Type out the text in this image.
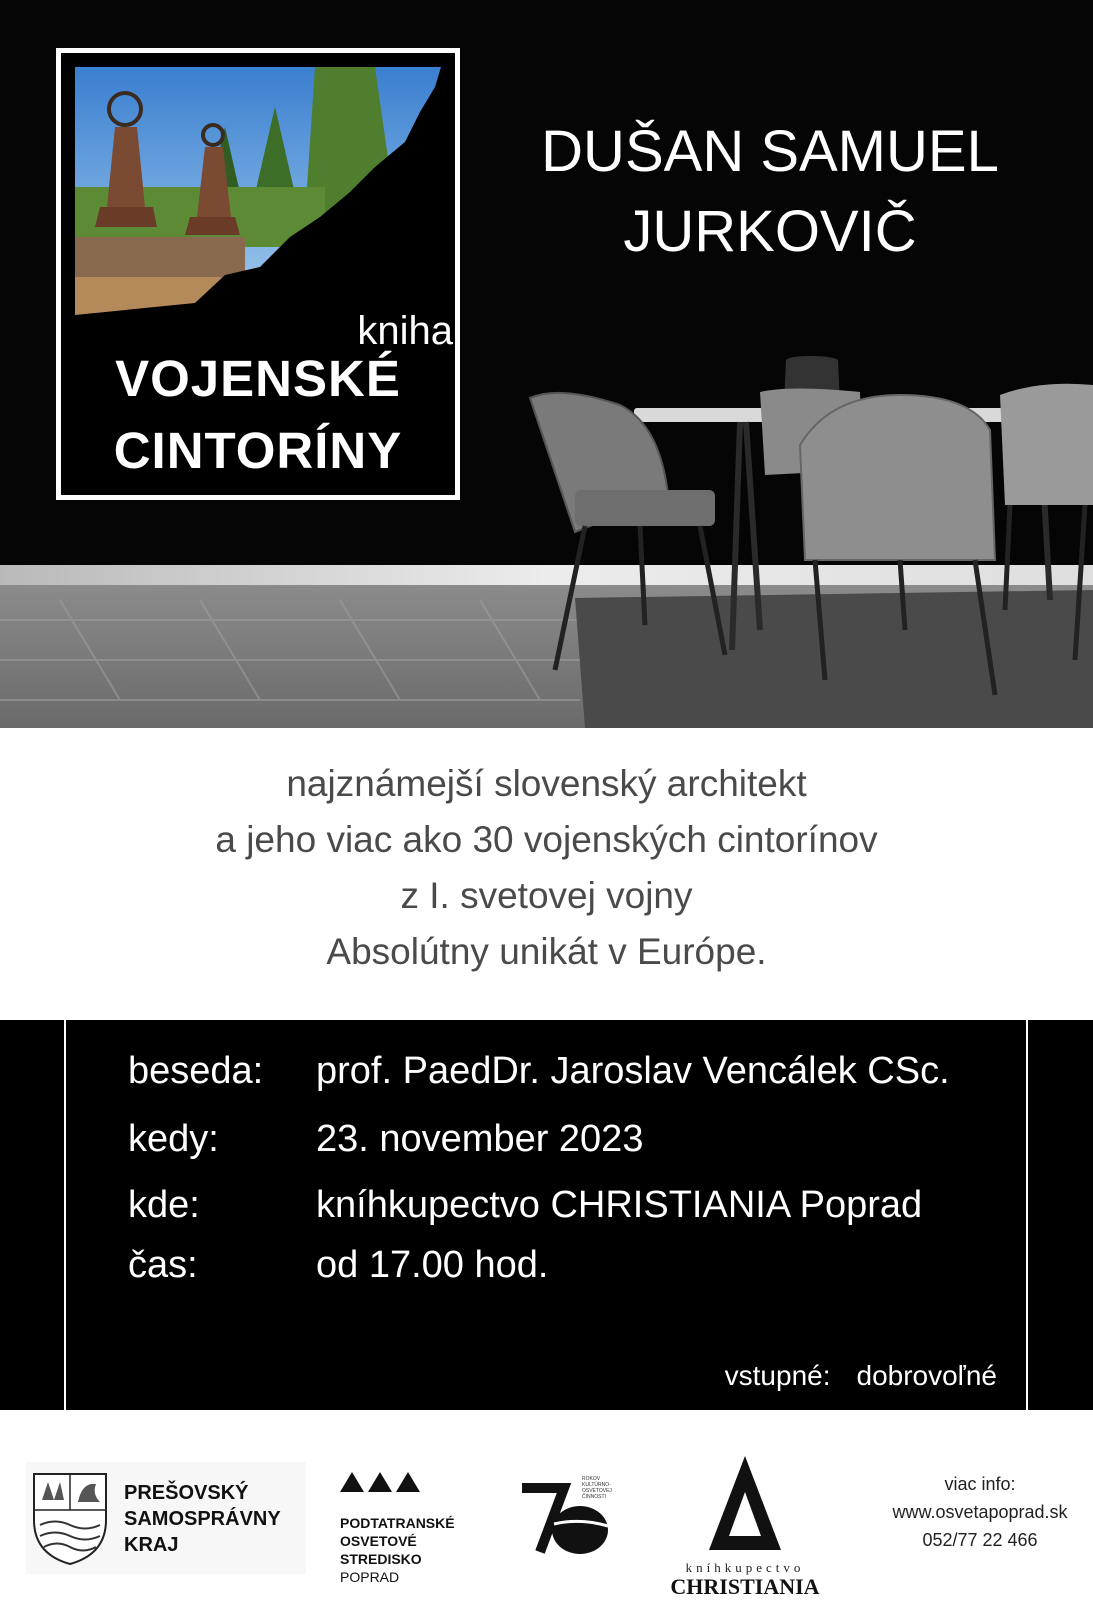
kniha
VOJENSKÉ
CINTORÍNY
DUŠAN SAMUEL
JURKOVIČ
najznámejší slovenský architekt
a jeho viac ako 30 vojenských cintorínov
z I. svetovej vojny
Absolútny unikát v Európe.
beseda: prof. PaedDr. Jaroslav Vencálek CSc.
kedy:	23. november 2023
kde:	kníhkupectvo CHRISTIANIA Poprad
čas:	od 17.00 hod.
vstupné: dobrovoľné
PREŠOVSKÝ
SAMOSPRÁVNY
KRAJ
PODTATRANSKÉ
OSVETOVÉ
STREDISKO
POPRAD
ROKOV
KULTÚRNO-
OSVETOVEJ
ČINNOSTI
kníhkupectvo
CHRISTIANIA
viac info:
www.osvetapoprad.sk
052/77 22 466
